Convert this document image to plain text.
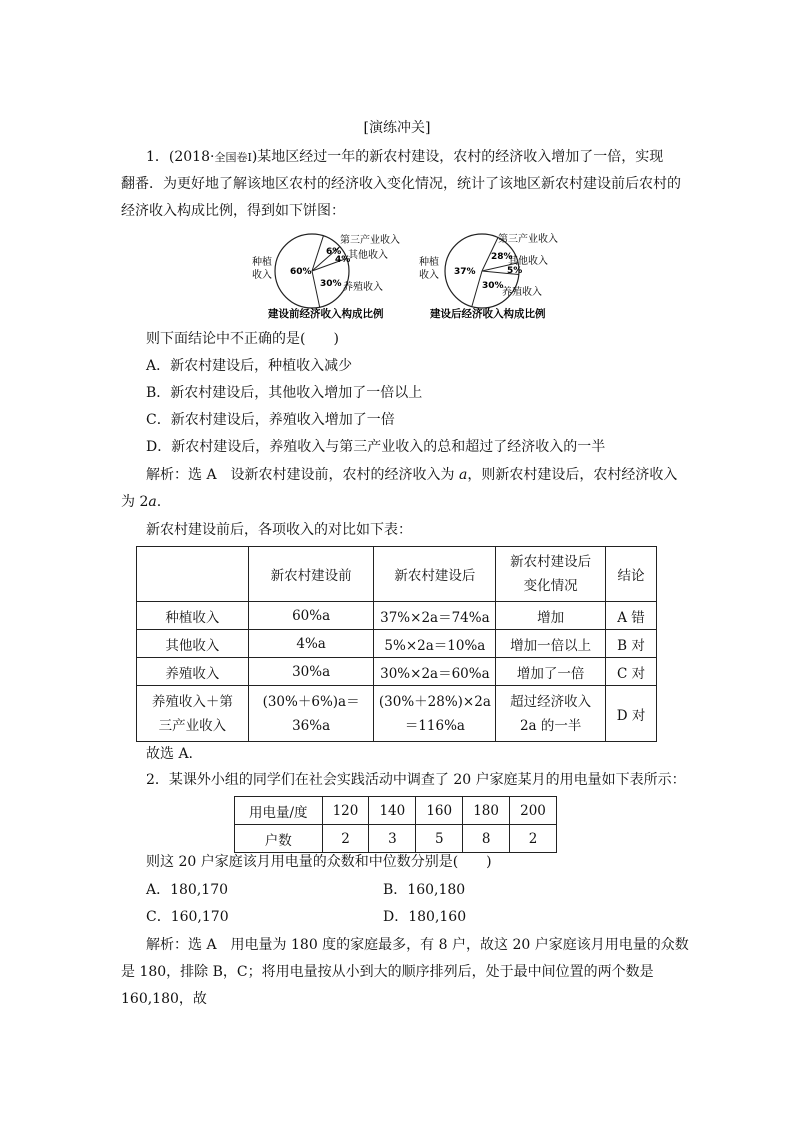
[演练冲关]
1．(2018·全国卷Ⅰ)某地区经过一年的新农村建设，农村的经济收入增加了一倍，实现
翻番．为更好地了解该地区农村的经济收入变化情况，统计了该地区新农村建设前后农村的
经济收入构成比例，得到如下饼图：
60%
6%
4%
30%
种植
收入
第三产业收入
其他收入
养殖收入
建设前经济收入构成比例
37%
28%
5%
30%
种植
收入
第三产业收入
其他收入
养殖收入
建设后经济收入构成比例
则下面结论中不正确的是(　　)
A．新农村建设后，种植收入减少
B．新农村建设后，其他收入增加了一倍以上
C．新农村建设后，养殖收入增加了一倍
D．新农村建设后，养殖收入与第三产业收入的总和超过了经济收入的一半
解析：选 A　设新农村建设前，农村的经济收入为 a，则新农村建设后，农村经济收入
为 2a.
新农村建设前后，各项收入的对比如下表：
	新农村建设前	新农村建设后	新农村建设后
变化情况	结论
种植收入	60%a	37%×2a＝74%a	增加	A 错
其他收入	4%a	5%×2a＝10%a	增加一倍以上	B 对
养殖收入	30%a	30%×2a＝60%a	增加了一倍	C 对
养殖收入＋第
三产业收入	(30%＋6%)a＝
36%a	(30%＋28%)×2a
＝116%a	超过经济收入
2a 的一半	D 对
故选 A.
2．某课外小组的同学们在社会实践活动中调查了 20 户家庭某月的用电量如下表所示：
用电量/度	120	140	160	180	200
户数	2	3	5	8	2
则这 20 户家庭该月用电量的众数和中位数分别是(　　)
A．180,170	B．160,180
C．160,170	D．180,160
解析：选 A　用电量为 180 度的家庭最多，有 8 户，故这 20 户家庭该月用电量的众数
是 180，排除 B，C；将用电量按从小到大的顺序排列后，处于最中间位置的两个数是
160,180，故
